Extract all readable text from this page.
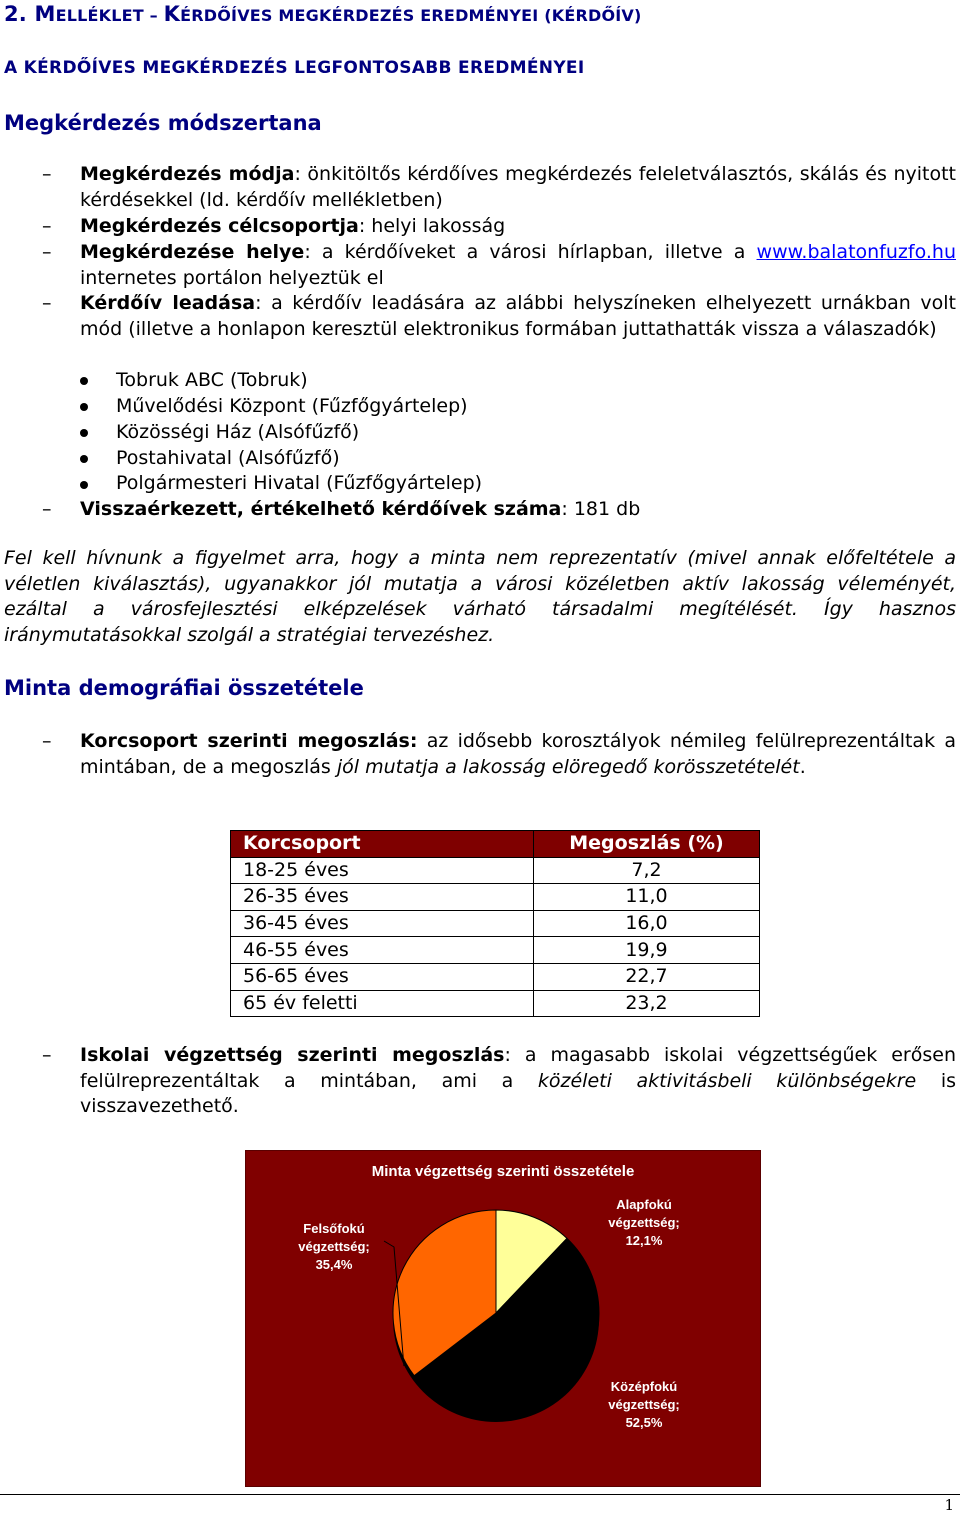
2. MELLÉKLET – KÉRDŐÍVES MEGKÉRDEZÉS EREDMÉNYEI (KÉRDŐÍV)
A KÉRDŐÍVES MEGKÉRDEZÉS LEGFONTOSABB EREDMÉNYEI
Megkérdezés módszertana
– Megkérdezés módja: önkitöltős kérdőíves megkérdezés feleletválasztós, skálás és nyitott kérdésekkel (ld. kérdőív mellékletben)
– Megkérdezés célcsoportja: helyi lakosság
– Megkérdezése helye: a kérdőíveket a városi hírlapban, illetve a www.balatonfuzfo.hu internetes portálon helyeztük el
– Kérdőív leadása: a kérdőív leadására az alábbi helyszíneken elhelyezett urnákban volt mód (illetve a honlapon keresztül elektronikus formában juttathatták vissza a válaszadók)
Tobruk ABC (Tobruk)
Művelődési Központ (Fűzfőgyártelep)
Közösségi Ház (Alsófűzfő)
Postahivatal (Alsófűzfő)
Polgármesteri Hivatal (Fűzfőgyártelep)
– Visszaérkezett, értékelhető kérdőívek száma: 181 db
Fel kell hívnunk a figyelmet arra, hogy a minta nem reprezentatív (mivel annak előfeltétele a véletlen kiválasztás), ugyanakkor jól mutatja a városi közéletben aktív lakosság véleményét, ezáltal a városfejlesztési elképzelések várható társadalmi megítélését. Így hasznos iránymutatásokkal szolgál a stratégiai tervezéshez.
Minta demográfiai összetétele
– Korcsoport szerinti megoszlás: az idősebb korosztályok némileg felülreprezentáltak a mintában, de a megoszlás jól mutatja a lakosság elöregedő korösszetételét.
Korcsoport	Megoszlás (%)
18-25 éves	7,2
26-35 éves	11,0
36-45 éves	16,0
46-55 éves	19,9
56-65 éves	22,7
65 év feletti	23,2
– Iskolai végzettség szerinti megoszlás: a magasabb iskolai végzettségűek erősen felülreprezentáltak a mintában, ami a közéleti aktivitásbeli különbségekre is visszavezethető.
Minta végzettség szerinti összetétele
Alapfokú végzettség; 12,1%
Középfokú végzettség; 52,5%
Felsőfokú végzettség; 35,4%
1
